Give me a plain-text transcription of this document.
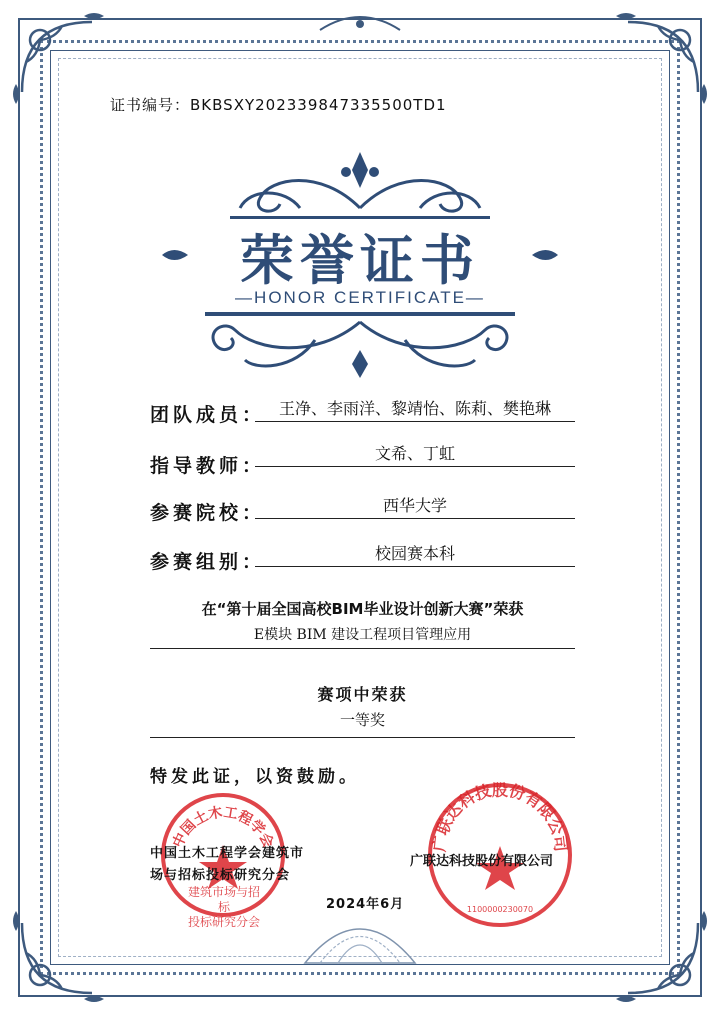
证书编号：BKBSXY202339847335500TD1
荣誉证书
—HONOR CERTIFICATE—
团队成员： 王净、李雨洋、黎靖怡、陈莉、樊艳琳
指导教师：
文希、丁虹
参赛院校：	西华大学
参赛组别：	校园赛本科
在“第十届全国高校BIM毕业设计创新大赛”荣获
E模块 BIM 建设工程项目管理应用
赛项中荣获
一等奖
特发此证，以资鼓励。
中国土木工程学会
建筑市场与招标
投标研究分会
广联达科技股份有限公司
1100000230070
中国土木工程学会建筑市
场与招标投标研究分会
广联达科技股份有限公司
2024年6月
